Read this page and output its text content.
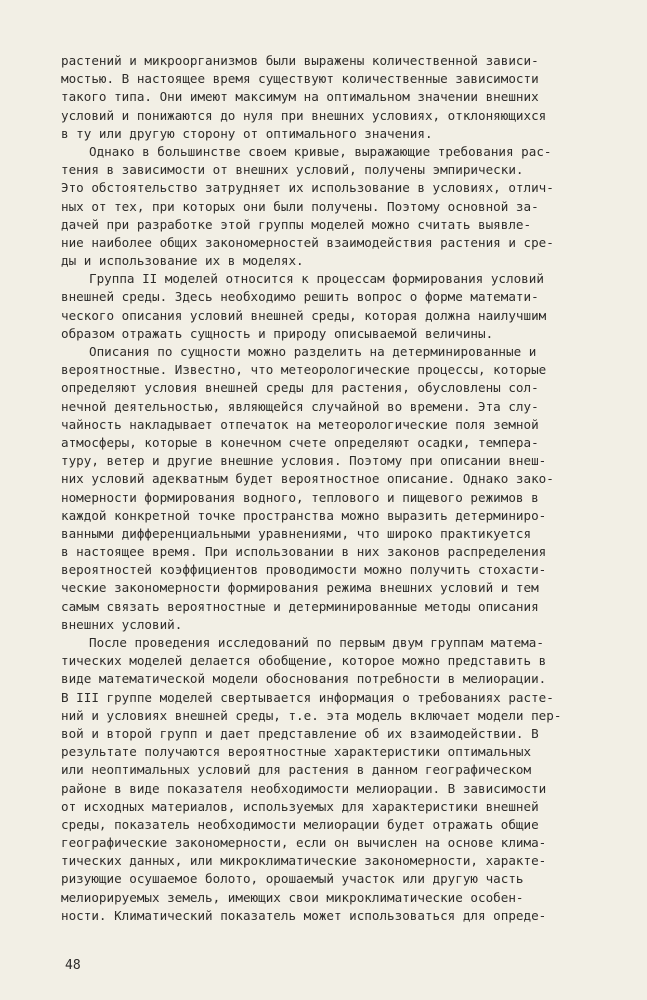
растений и микроорганизмов были выражены количественной зависи-
мостью. В настоящее время существуют количественные зависимости
такого типа. Они имеют максимум на оптимальном значении внешних
условий и понижаются до нуля при внешних условиях, отклоняющихся
в ту или другую сторону от оптимального значения.
Однако в большинстве своем кривые, выражающие требования рас-
тения в зависимости от внешних условий, получены эмпирически.
Это обстоятельство затрудняет их использование в условиях, отлич-
ных от тех, при которых они были получены. Поэтому основной за-
дачей при разработке этой группы моделей можно считать выявле-
ние наиболее общих закономерностей взаимодействия растения и сре-
ды и использование их в моделях.
Группа II моделей относится к процессам формирования условий
внешней среды. Здесь необходимо решить вопрос о форме математи-
ческого описания условий внешней среды, которая должна наилучшим
образом отражать сущность и природу описываемой величины.
Описания по сущности можно разделить на детерминированные и
вероятностные. Известно, что метеорологические процессы, которые
определяют условия внешней среды для растения, обусловлены сол-
нечной деятельностью, являющейся случайной во времени. Эта слу-
чайность накладывает отпечаток на метеорологические поля земной
атмосферы, которые в конечном счете определяют осадки, темпера-
туру, ветер и другие внешние условия. Поэтому при описании внеш-
них условий адекватным будет вероятностное описание. Однако зако-
номерности формирования водного, теплового и пищевого режимов в
каждой конкретной точке пространства можно выразить детерминиро-
ванными дифференциальными уравнениями, что широко практикуется
в настоящее время. При использовании в них законов распределения
вероятностей коэффициентов проводимости можно получить стохасти-
ческие закономерности формирования режима внешних условий и тем
самым связать вероятностные и детерминированные методы описания
внешних условий.
После проведения исследований по первым двум группам матема-
тических моделей делается обобщение, которое можно представить в
виде математической модели обоснования потребности в мелиорации.
В III группе моделей свертывается информация о требованиях расте-
ний и условиях внешней среды, т.е. эта модель включает модели пер-
вой и второй групп и дает представление об их взаимодействии. В
результате получаются вероятностные характеристики оптимальных
или неоптимальных условий для растения в данном географическом
районе в виде показателя необходимости мелиорации. В зависимости
от исходных материалов, используемых для характеристики внешней
среды, показатель необходимости мелиорации будет отражать общие
географические закономерности, если он вычислен на основе клима-
тических данных, или микроклиматические закономерности, характе-
ризующие осушаемое болото, орошаемый участок или другую часть
мелиорируемых земель, имеющих свои микроклиматические особен-
ности. Климатический показатель может использоваться для опреде-
48
